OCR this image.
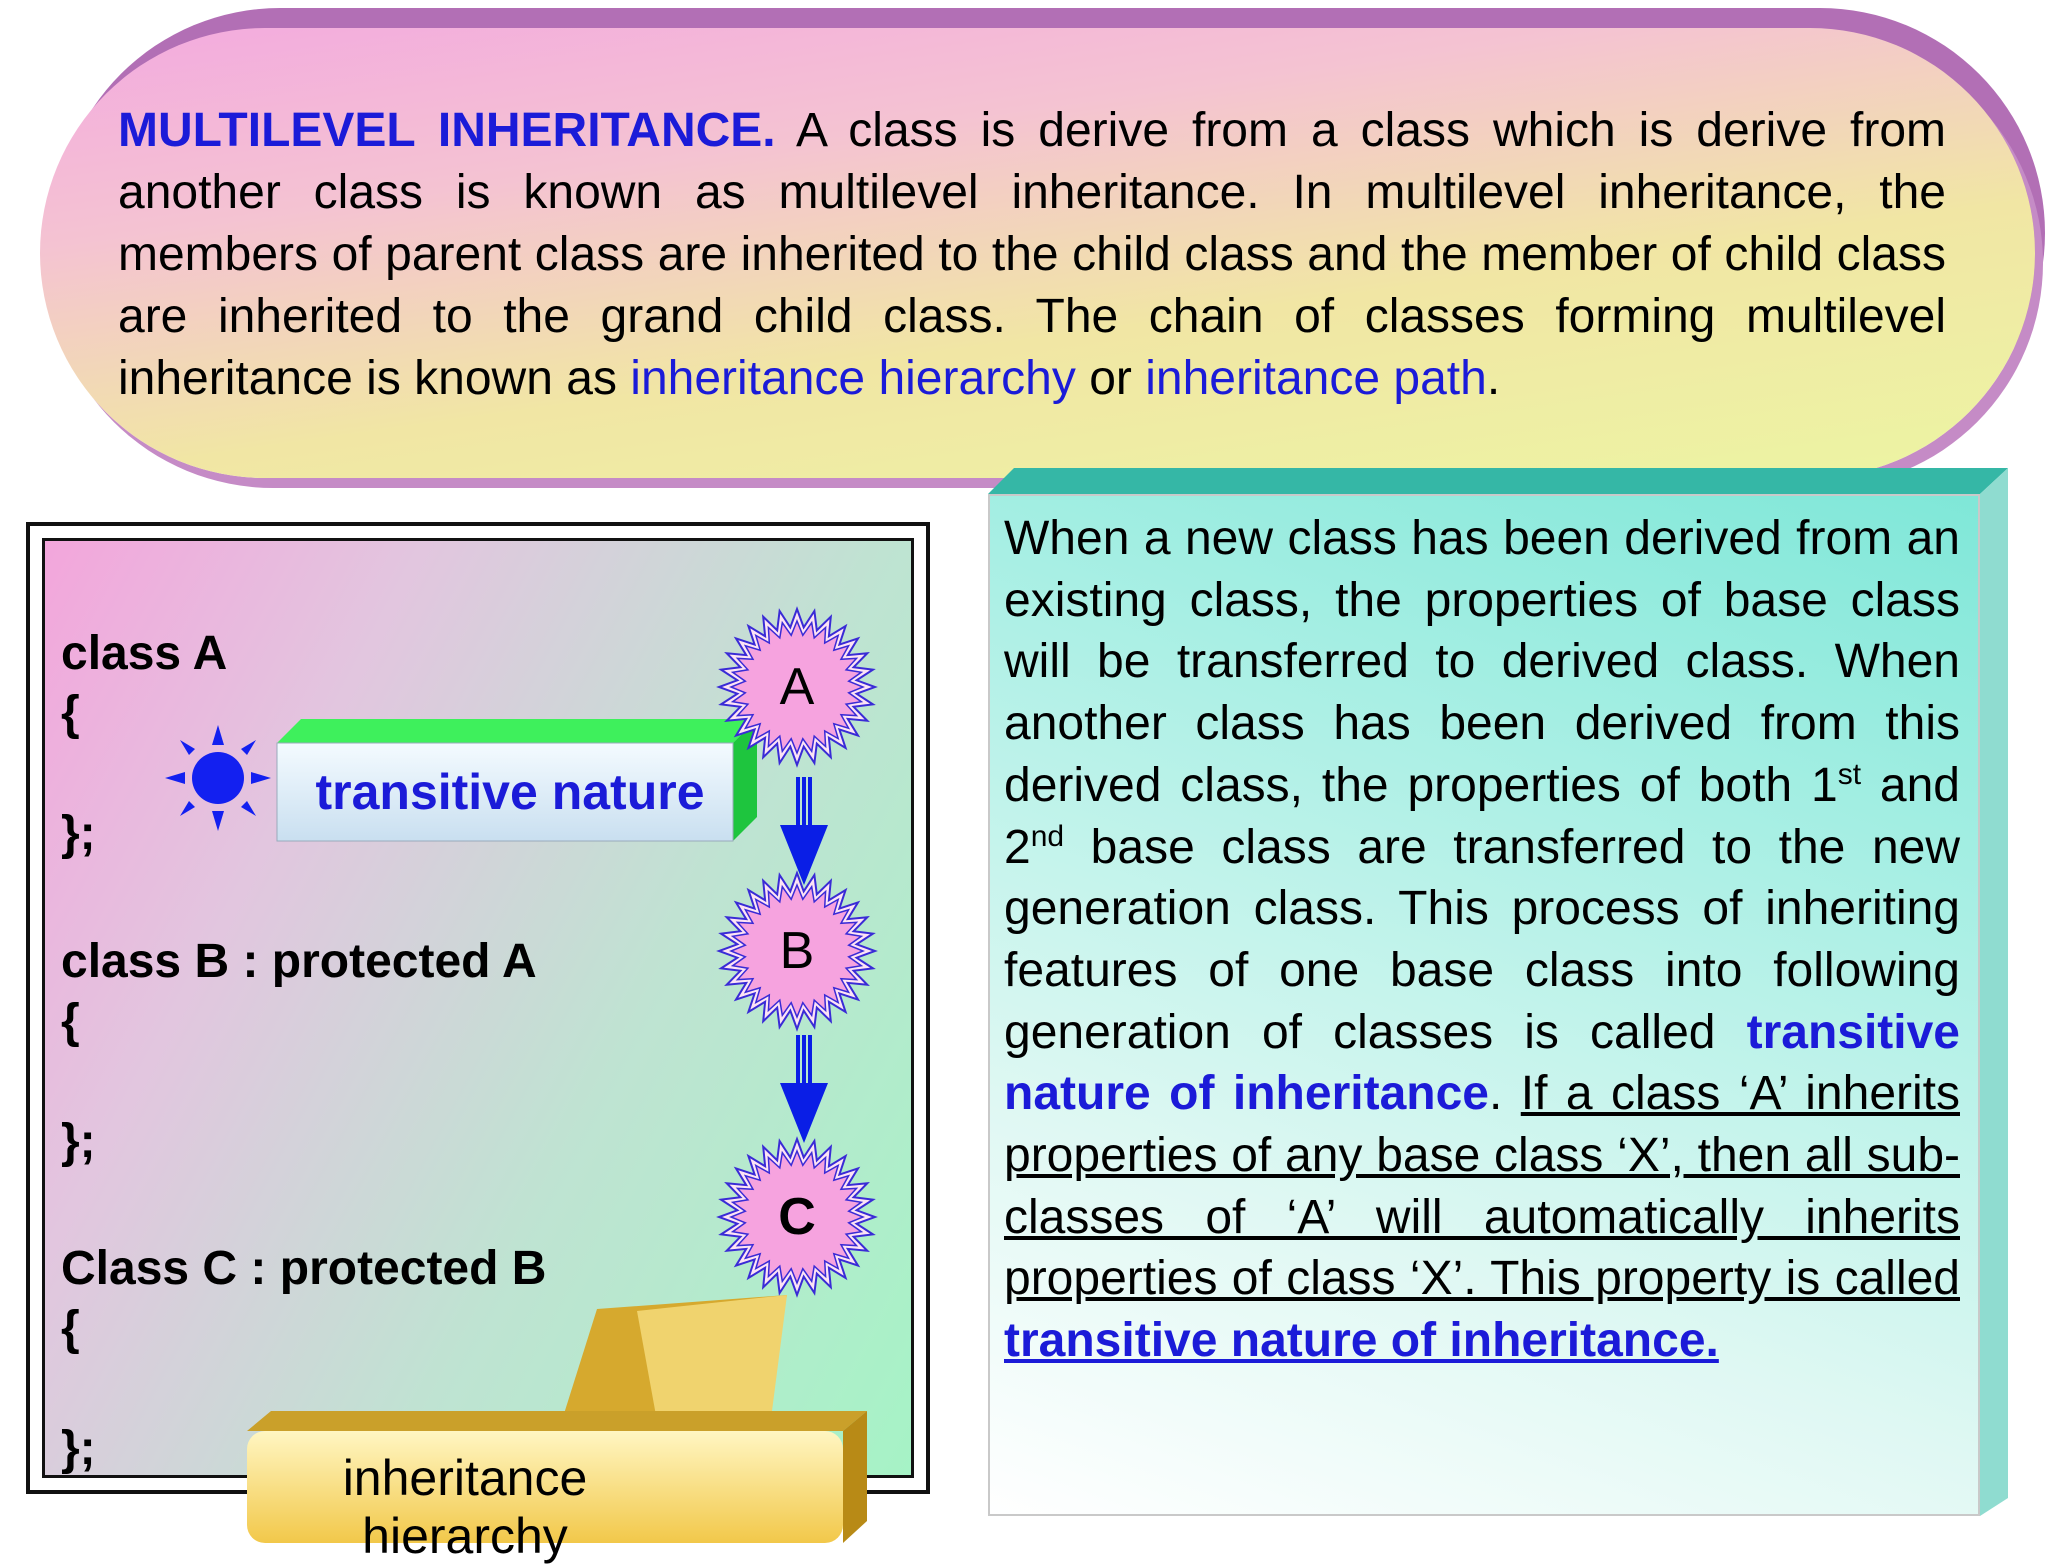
MULTILEVEL INHERITANCE. A class is derive from a class which is derive from another class is known as multilevel inheritance. In multilevel inheritance, the members of parent class are inherited to the child class and the member of child class are inherited to the grand child class. The chain of classes forming multilevel inheritance is known as inheritance hierarchy or inheritance path.

class A

{

};

class B : protected A

{

};

Class C : protected B

{

};

transitive nature

A

B

C

inheritance hierarchy

When a new class has been derived from an existing class, the properties of base class will be transferred to derived class. When another class has been derived from this derived class, the properties of both 1st and 2nd base class are transferred to the new generation class. This process of inheriting features of one base class into following generation of classes is called transitive nature of inheritance. If a class ‘A’ inherits properties of any base class ‘X’, then all sub-classes of ‘A’ will automatically inherits properties of class ‘X’. This property is called transitive nature of inheritance.
